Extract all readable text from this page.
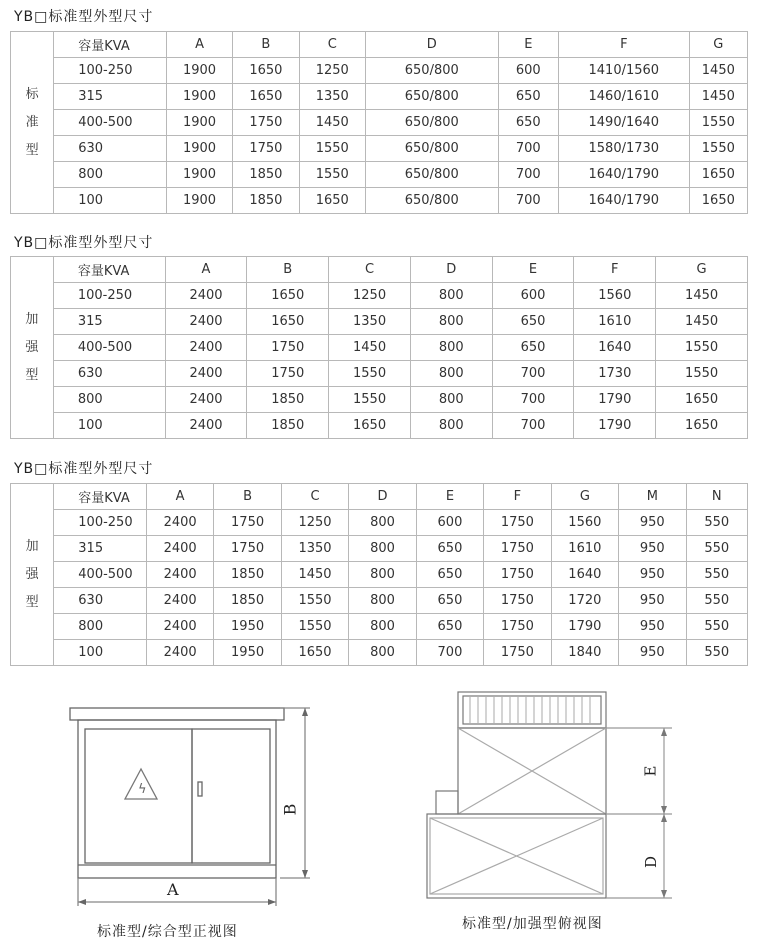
YB□标准型外型尺寸
标
准
型	容量KVA	A	B	C	D	E	F	G
	100-250	1900	1650	1250	650/800	600	1410/1560	1450
	315	1900	1650	1350	650/800	650	1460/1610	1450
	400-500	1900	1750	1450	650/800	650	1490/1640	1550
	630	1900	1750	1550	650/800	700	1580/1730	1550
	800	1900	1850	1550	650/800	700	1640/1790	1650
	100	1900	1850	1650	650/800	700	1640/1790	1650
YB□标准型外型尺寸
加
强
型	容量KVA	A	B	C	D	E	F	G
	100-250	2400	1650	1250	800	600	1560	1450
	315	2400	1650	1350	800	650	1610	1450
	400-500	2400	1750	1450	800	650	1640	1550
	630	2400	1750	1550	800	700	1730	1550
	800	2400	1850	1550	800	700	1790	1650
	100	2400	1850	1650	800	700	1790	1650
YB□标准型外型尺寸
加
强
型	容量KVA	A	B	C	D	E	F	G	M	N
	100-250	2400	1750	1250	800	600	1750	1560	950	550
	315	2400	1750	1350	800	650	1750	1610	950	550
	400-500	2400	1850	1450	800	650	1750	1640	950	550
	630	2400	1850	1550	800	650	1750	1720	950	550
	800	2400	1950	1550	800	650	1750	1790	950	550
	100	2400	1950	1650	800	700	1750	1840	950	550
ϟ
B
A
标准型/综合型正视图
E
D
标准型/加强型俯视图
